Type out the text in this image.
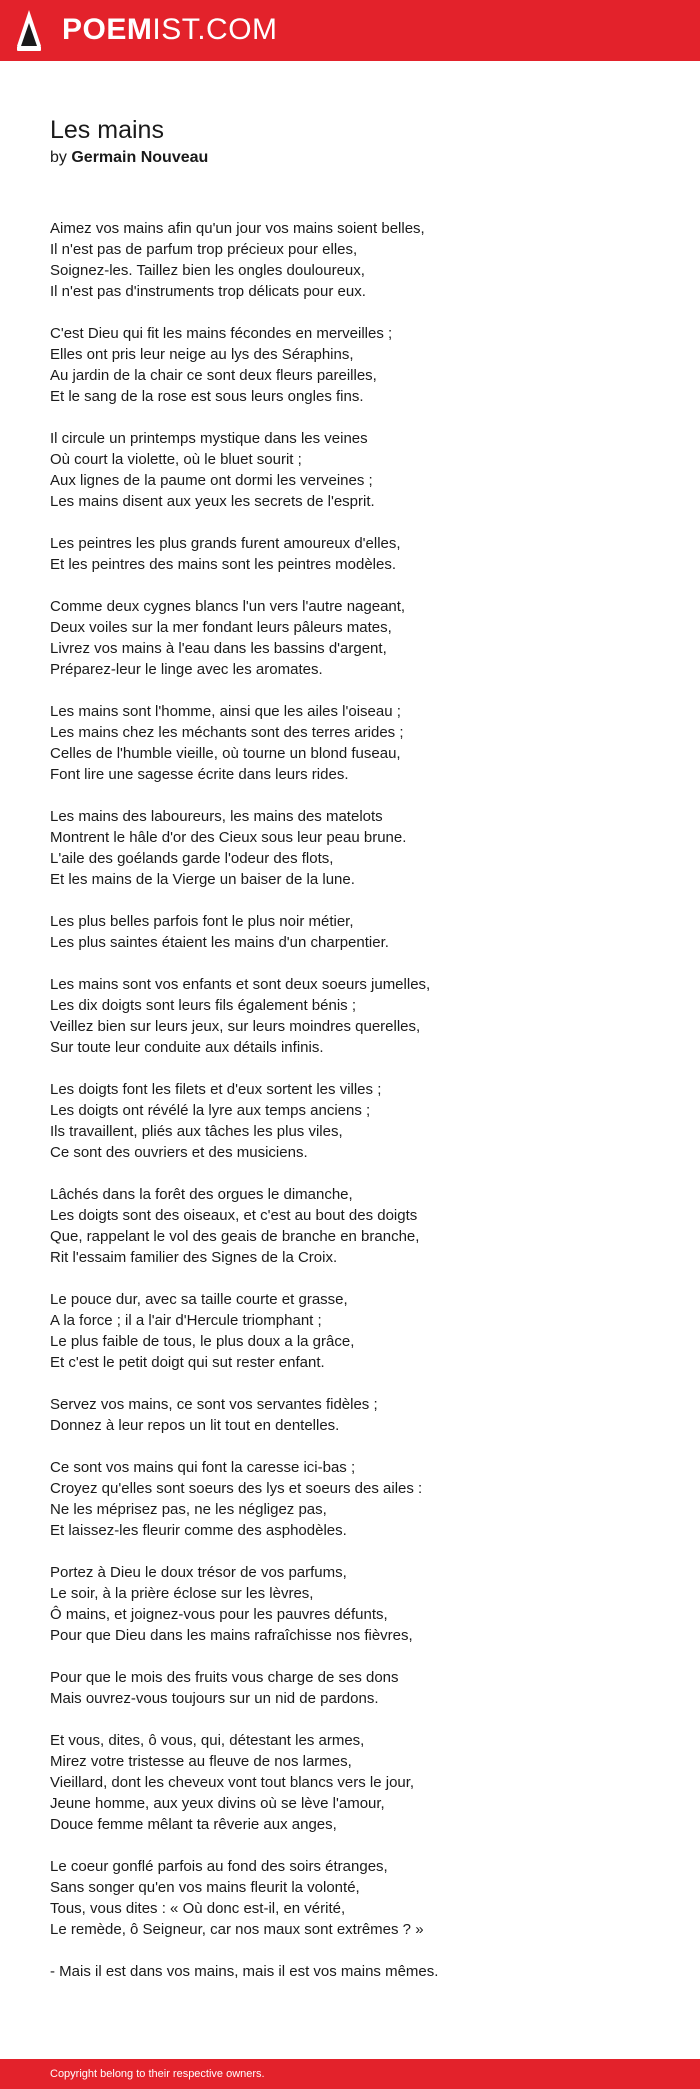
POEMIST.COM
Les mains
by Germain Nouveau
Aimez vos mains afin qu'un jour vos mains soient belles,
Il n'est pas de parfum trop précieux pour elles,
Soignez-les. Taillez bien les ongles douloureux,
Il n'est pas d'instruments trop délicats pour eux.
C'est Dieu qui fit les mains fécondes en merveilles ;
Elles ont pris leur neige au lys des Séraphins,
Au jardin de la chair ce sont deux fleurs pareilles,
Et le sang de la rose est sous leurs ongles fins.
Il circule un printemps mystique dans les veines
Où court la violette, où le bluet sourit ;
Aux lignes de la paume ont dormi les verveines ;
Les mains disent aux yeux les secrets de l'esprit.
Les peintres les plus grands furent amoureux d'elles,
Et les peintres des mains sont les peintres modèles.
Comme deux cygnes blancs l'un vers l'autre nageant,
Deux voiles sur la mer fondant leurs pâleurs mates,
Livrez vos mains à l'eau dans les bassins d'argent,
Préparez-leur le linge avec les aromates.
Les mains sont l'homme, ainsi que les ailes l'oiseau ;
Les mains chez les méchants sont des terres arides ;
Celles de l'humble vieille, où tourne un blond fuseau,
Font lire une sagesse écrite dans leurs rides.
Les mains des laboureurs, les mains des matelots
Montrent le hâle d'or des Cieux sous leur peau brune.
L'aile des goélands garde l'odeur des flots,
Et les mains de la Vierge un baiser de la lune.
Les plus belles parfois font le plus noir métier,
Les plus saintes étaient les mains d'un charpentier.
Les mains sont vos enfants et sont deux soeurs jumelles,
Les dix doigts sont leurs fils également bénis ;
Veillez bien sur leurs jeux, sur leurs moindres querelles,
Sur toute leur conduite aux détails infinis.
Les doigts font les filets et d'eux sortent les villes ;
Les doigts ont révélé la lyre aux temps anciens ;
Ils travaillent, pliés aux tâches les plus viles,
Ce sont des ouvriers et des musiciens.
Lâchés dans la forêt des orgues le dimanche,
Les doigts sont des oiseaux, et c'est au bout des doigts
Que, rappelant le vol des geais de branche en branche,
Rit l'essaim familier des Signes de la Croix.
Le pouce dur, avec sa taille courte et grasse,
A la force ; il a l'air d'Hercule triomphant ;
Le plus faible de tous, le plus doux a la grâce,
Et c'est le petit doigt qui sut rester enfant.
Servez vos mains, ce sont vos servantes fidèles ;
Donnez à leur repos un lit tout en dentelles.
Ce sont vos mains qui font la caresse ici-bas ;
Croyez qu'elles sont soeurs des lys et soeurs des ailes :
Ne les méprisez pas, ne les négligez pas,
Et laissez-les fleurir comme des asphodèles.
Portez à Dieu le doux trésor de vos parfums,
Le soir, à la prière éclose sur les lèvres,
Ô mains, et joignez-vous pour les pauvres défunts,
Pour que Dieu dans les mains rafraîchisse nos fièvres,
Pour que le mois des fruits vous charge de ses dons
Mais ouvrez-vous toujours sur un nid de pardons.
Et vous, dites, ô vous, qui, détestant les armes,
Mirez votre tristesse au fleuve de nos larmes,
Vieillard, dont les cheveux vont tout blancs vers le jour,
Jeune homme, aux yeux divins où se lève l'amour,
Douce femme mêlant ta rêverie aux anges,
Le coeur gonflé parfois au fond des soirs étranges,
Sans songer qu'en vos mains fleurit la volonté,
Tous, vous dites : « Où donc est-il, en vérité,
Le remède, ô Seigneur, car nos maux sont extrêmes ? »
- Mais il est dans vos mains, mais il est vos mains mêmes.
Copyright belong to their respective owners.
